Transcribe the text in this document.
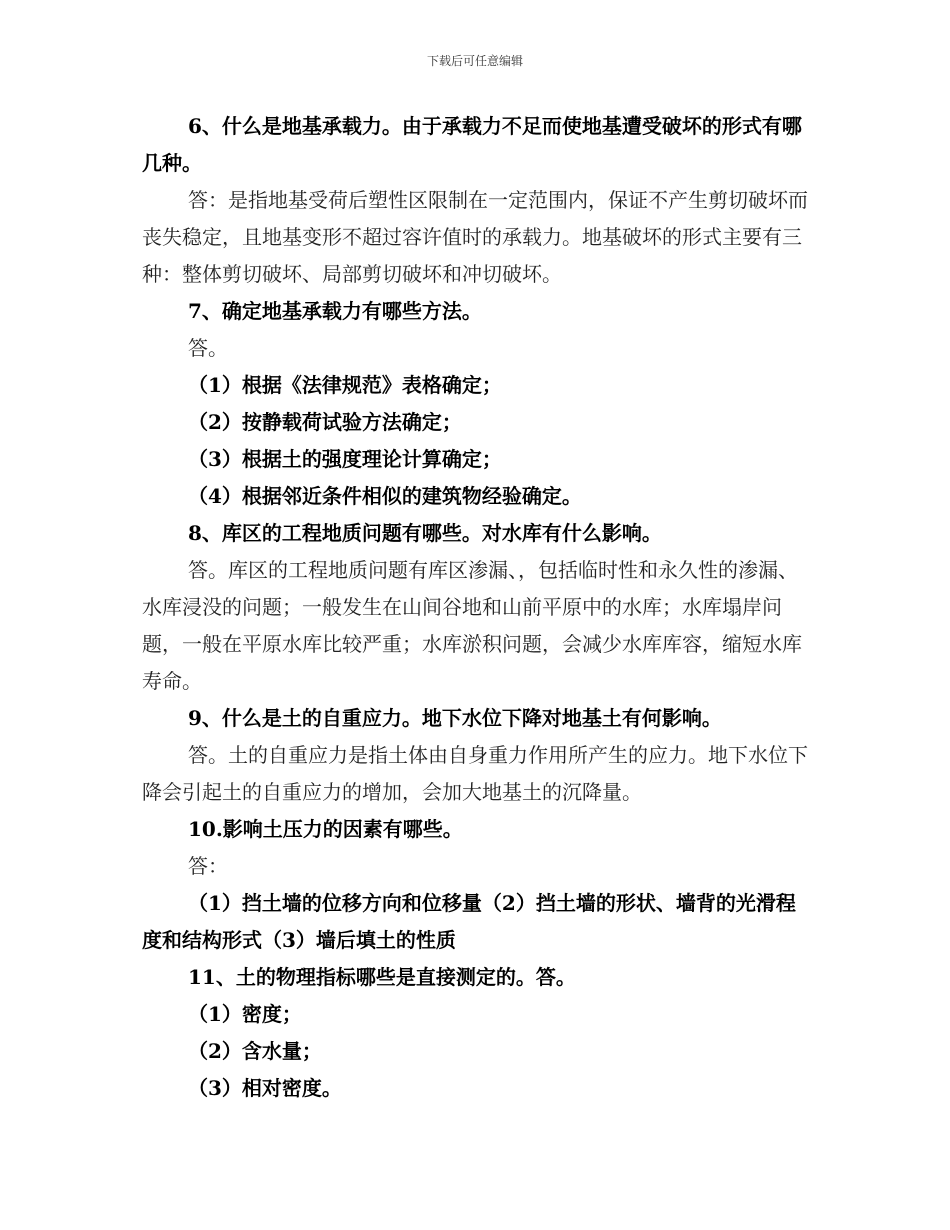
下载后可任意编辑

6、什么是地基承载力。由于承载力不足而使地基遭受破坏的形式有哪几种。

答：是指地基受荷后塑性区限制在一定范围内，保证不产生剪切破坏而丧失稳定，且地基变形不超过容许值时的承载力。地基破坏的形式主要有三种：整体剪切破坏、局部剪切破坏和冲切破坏。

7、确定地基承载力有哪些方法。

答。

（1）根据《法律规范》表格确定；

（2）按静载荷试验方法确定；

（3）根据土的强度理论计算确定；

（4）根据邻近条件相似的建筑物经验确定。

8、库区的工程地质问题有哪些。对水库有什么影响。

答。库区的工程地质问题有库区渗漏、，包括临时性和永久性的渗漏、水库浸没的问题；一般发生在山间谷地和山前平原中的水库；水库塌岸问题，一般在平原水库比较严重；水库淤积问题，会减少水库库容，缩短水库寿命。

9、什么是土的自重应力。地下水位下降对地基土有何影响。

答。土的自重应力是指土体由自身重力作用所产生的应力。地下水位下降会引起土的自重应力的增加，会加大地基土的沉降量。

10.影响土压力的因素有哪些。

答：

（1）挡土墙的位移方向和位移量（2）挡土墙的形状、墙背的光滑程度和结构形式（3）墙后填土的性质

11、土的物理指标哪些是直接测定的。答。

（1）密度；

（2）含水量；

（3）相对密度。
